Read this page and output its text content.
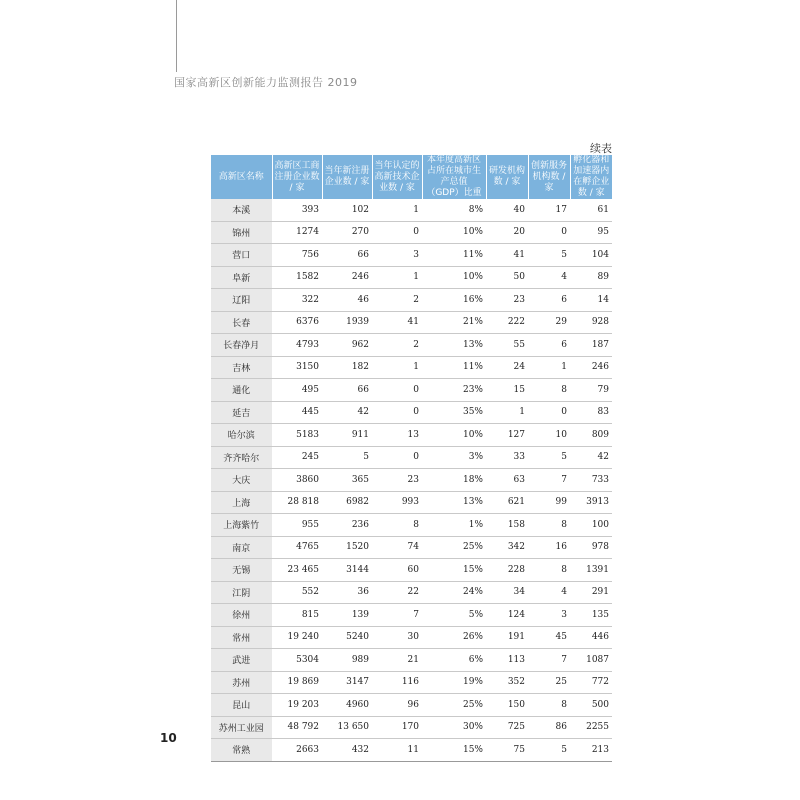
国家高新区创新能力监测报告 2019
续表
高新区名称	高新区工商注册企业数 / 家	当年新注册企业数 / 家	当年认定的高新技术企业数 / 家	本年度高新区占所在城市生产总值（GDP）比重	研发机构数 / 家	创新服务机构数 / 家	孵化器和加速器内在孵企业数 / 家
本溪	393	102	1	8%	40	17	61
锦州	1274	270	0	10%	20	0	95
营口	756	66	3	11%	41	5	104
阜新	1582	246	1	10%	50	4	89
辽阳	322	46	2	16%	23	6	14
长春	6376	1939	41	21%	222	29	928
长春净月	4793	962	2	13%	55	6	187
吉林	3150	182	1	11%	24	1	246
通化	495	66	0	23%	15	8	79
延吉	445	42	0	35%	1	0	83
哈尔滨	5183	911	13	10%	127	10	809
齐齐哈尔	245	5	0	3%	33	5	42
大庆	3860	365	23	18%	63	7	733
上海	28 818	6982	993	13%	621	99	3913
上海紫竹	955	236	8	1%	158	8	100
南京	4765	1520	74	25%	342	16	978
无锡	23 465	3144	60	15%	228	8	1391
江阴	552	36	22	24%	34	4	291
徐州	815	139	7	5%	124	3	135
常州	19 240	5240	30	26%	191	45	446
武进	5304	989	21	6%	113	7	1087
苏州	19 869	3147	116	19%	352	25	772
昆山	19 203	4960	96	25%	150	8	500
苏州工业园	48 792	13 650	170	30%	725	86	2255
常熟	2663	432	11	15%	75	5	213
10
